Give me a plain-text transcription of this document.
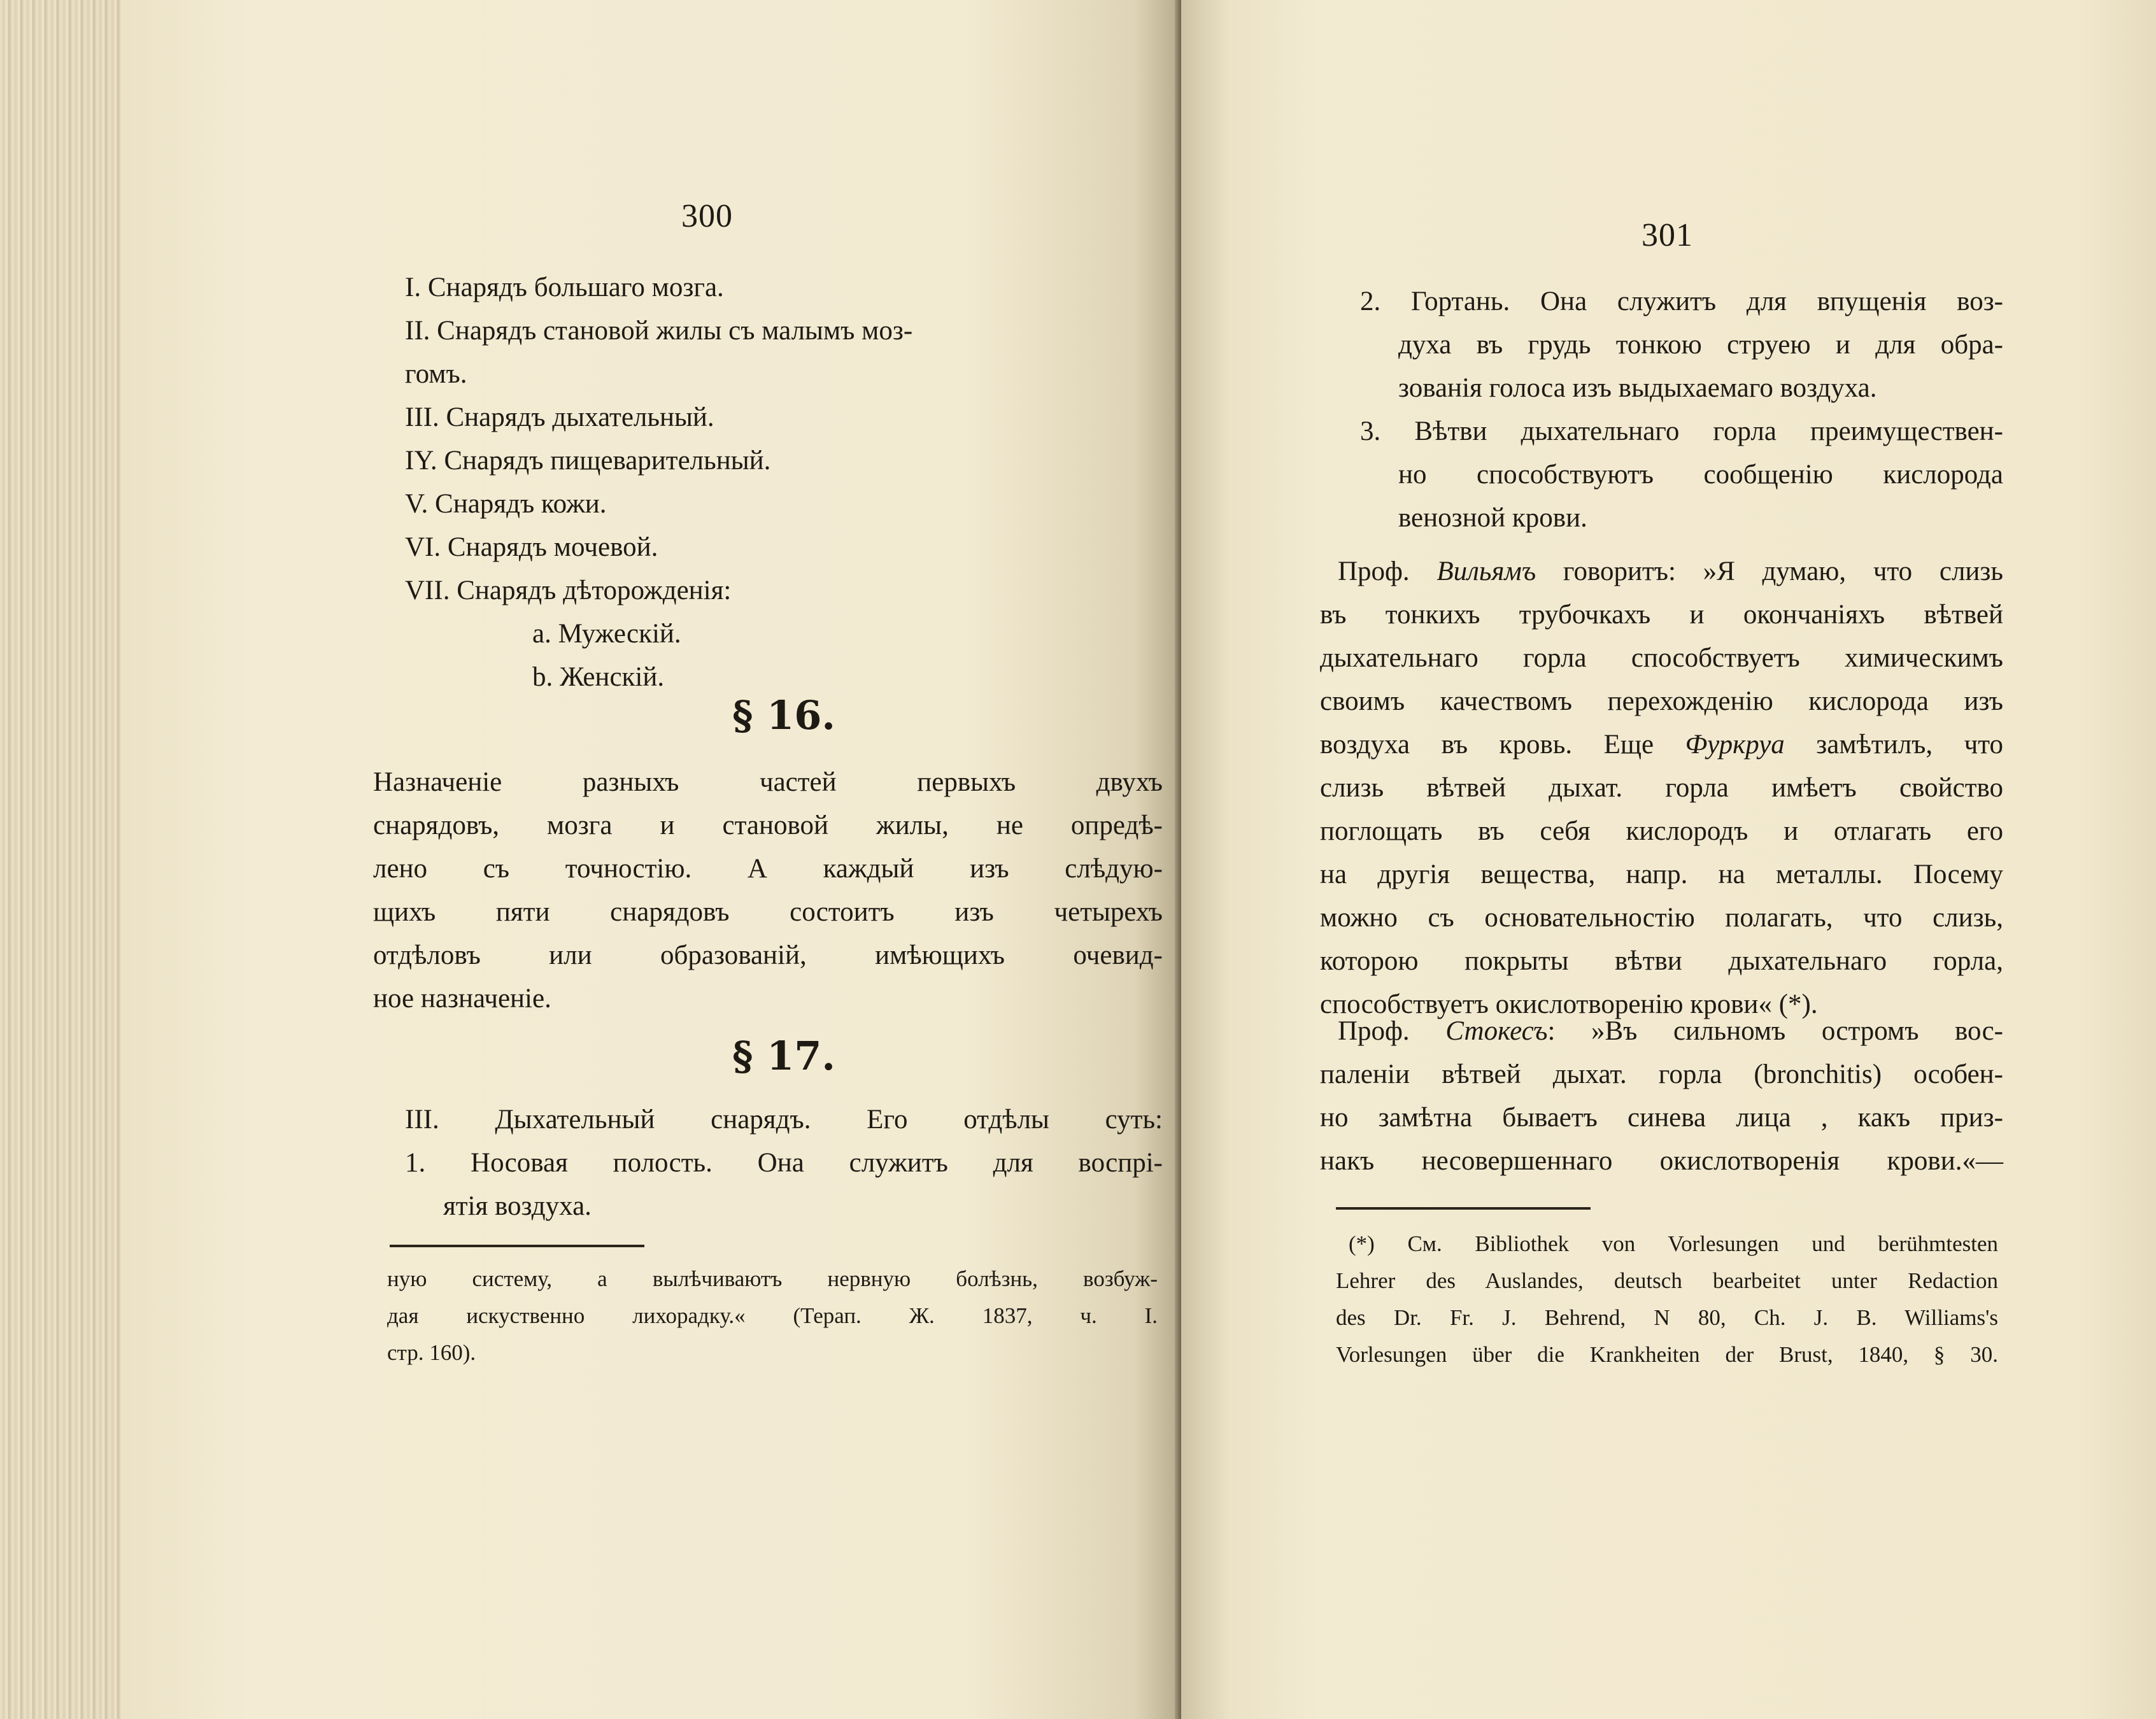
300
I. Снарядъ большаго мозга.
II. Снарядъ становой жилы съ малымъ моз-
гомъ.
III. Снарядъ дыхательный.
IY. Снарядъ пищеварительный.
V. Снарядъ кожи.
VI. Снарядъ мочевой.
VII. Снарядъ дѣторожденія:
a. Мужескій.
b. Женскій.
§ 16.
Назначеніе разныхъ частей первыхъ двухъ
снарядовъ, мозга и становой жилы, не опредѣ-
лено съ точностію. А каждый изъ слѣдую-
щихъ пяти снарядовъ состоитъ изъ четырехъ
отдѣловъ или образованій, имѣющихъ очевид-
ное назначеніе.
§ 17.
III. Дыхательный снарядъ. Его отдѣлы суть:
1. Носовая полость. Она служитъ для воспрі-
ятія воздуха.
ную систему, а вылѣчиваютъ нервную болѣзнь, возбуж-
дая искуственно лихорадку.« (Терап. Ж. 1837, ч. I.
стр. 160).
301
2. Гортань. Она служитъ для впущенія воз-
духа въ грудь тонкою струею и для обра-
зованія голоса изъ выдыхаемаго воздуха.
3. Вѣтви дыхательнаго горла преимуществен-
но способствуютъ сообщенію кислорода
венозной крови.
Проф. Вильямъ говоритъ: »Я думаю, что слизь
въ тонкихъ трубочкахъ и окончаніяхъ вѣтвей
дыхательнаго горла способствуетъ химическимъ
своимъ качествомъ перехожденію кислорода изъ
воздуха въ кровь. Еще Фуркруа замѣтилъ, что
слизь вѣтвей дыхат. горла имѣетъ свойство
поглощать въ себя кислородъ и отлагать его
на другія вещества, напр. на металлы. Посему
можно съ основательностію полагать, что слизь,
которою покрыты вѣтви дыхательнаго горла,
способствуетъ окислотворенію крови« (*).
Проф. Стокесъ: »Въ сильномъ остромъ вос-
паленіи вѣтвей дыхат. горла (bronchitis) особен-
но замѣтна бываетъ синева лица , какъ приз-
накъ несовершеннаго окислотворенія крови.«—
(*) См. Bibliothek von Vorlesungen und berühmtesten
Lehrer des Auslandes, deutsch bearbeitet unter Redaction
des Dr. Fr. J. Behrend, N 80, Ch. J. B. Williams's
Vorlesungen über die Krankheiten der Brust, 1840, § 30.
